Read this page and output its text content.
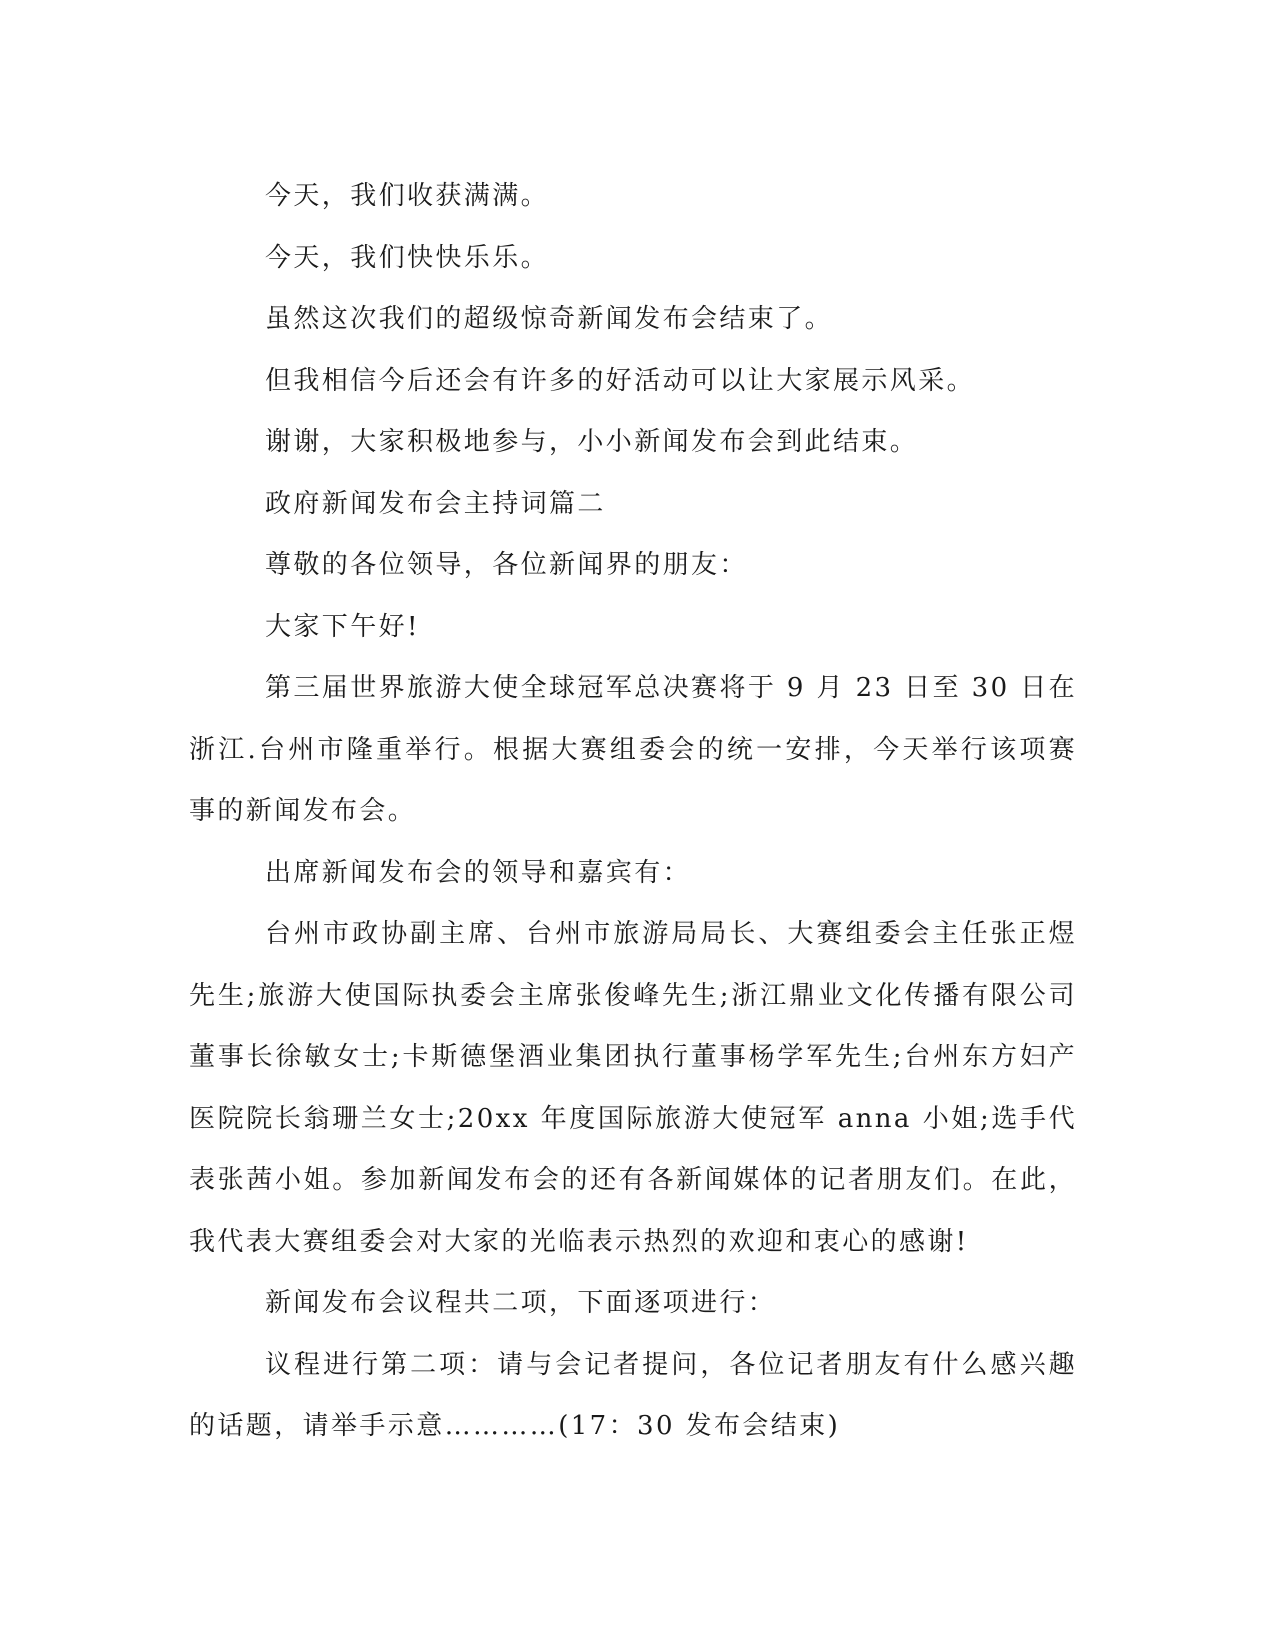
今天，我们收获满满。

今天，我们快快乐乐。

虽然这次我们的超级惊奇新闻发布会结束了。

但我相信今后还会有许多的好活动可以让大家展示风采。

谢谢，大家积极地参与，小小新闻发布会到此结束。

政府新闻发布会主持词篇二

尊敬的各位领导，各位新闻界的朋友：

大家下午好!

第三届世界旅游大使全球冠军总决赛将于 9 月 23 日至 30 日在浙江.台州市隆重举行。根据大赛组委会的统一安排，今天举行该项赛事的新闻发布会。

出席新闻发布会的领导和嘉宾有：

台州市政协副主席、台州市旅游局局长、大赛组委会主任张正煜先生;旅游大使国际执委会主席张俊峰先生;浙江鼎业文化传播有限公司董事长徐敏女士;卡斯德堡酒业集团执行董事杨学军先生;台州东方妇产医院院长翁珊兰女士;20xx 年度国际旅游大使冠军 anna 小姐;选手代表张茜小姐。参加新闻发布会的还有各新闻媒体的记者朋友们。在此，我代表大赛组委会对大家的光临表示热烈的欢迎和衷心的感谢!

新闻发布会议程共二项，下面逐项进行：

议程进行第二项：请与会记者提问，各位记者朋友有什么感兴趣的话题，请举手示意…………(17：30 发布会结束)
